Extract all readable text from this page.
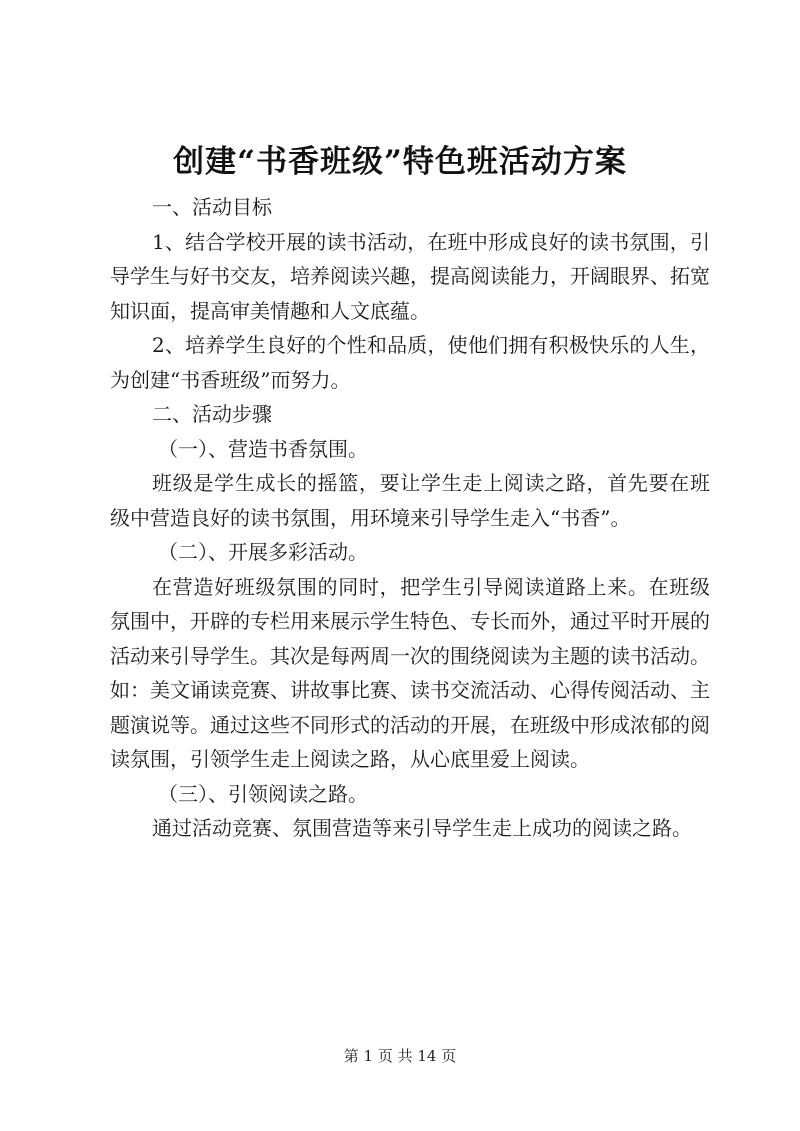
创建“书香班级”特色班活动方案

一、活动目标

1、结合学校开展的读书活动，在班中形成良好的读书氛围，引导学生与好书交友，培养阅读兴趣，提高阅读能力，开阔眼界、拓宽知识面，提高审美情趣和人文底蕴。

2、培养学生良好的个性和品质，使他们拥有积极快乐的人生，为创建“书香班级”而努力。

二、活动步骤

（一）、营造书香氛围。

班级是学生成长的摇篮，要让学生走上阅读之路，首先要在班级中营造良好的读书氛围，用环境来引导学生走入“书香”。

（二）、开展多彩活动。

在营造好班级氛围的同时，把学生引导阅读道路上来。在班级氛围中，开辟的专栏用来展示学生特色、专长而外，通过平时开展的活动来引导学生。其次是每两周一次的围绕阅读为主题的读书活动。如：美文诵读竞赛、讲故事比赛、读书交流活动、心得传阅活动、主题演说等。通过这些不同形式的活动的开展，在班级中形成浓郁的阅读氛围，引领学生走上阅读之路，从心底里爱上阅读。

（三）、引领阅读之路。

通过活动竞赛、氛围营造等来引导学生走上成功的阅读之路。

第 1 页 共 14 页
